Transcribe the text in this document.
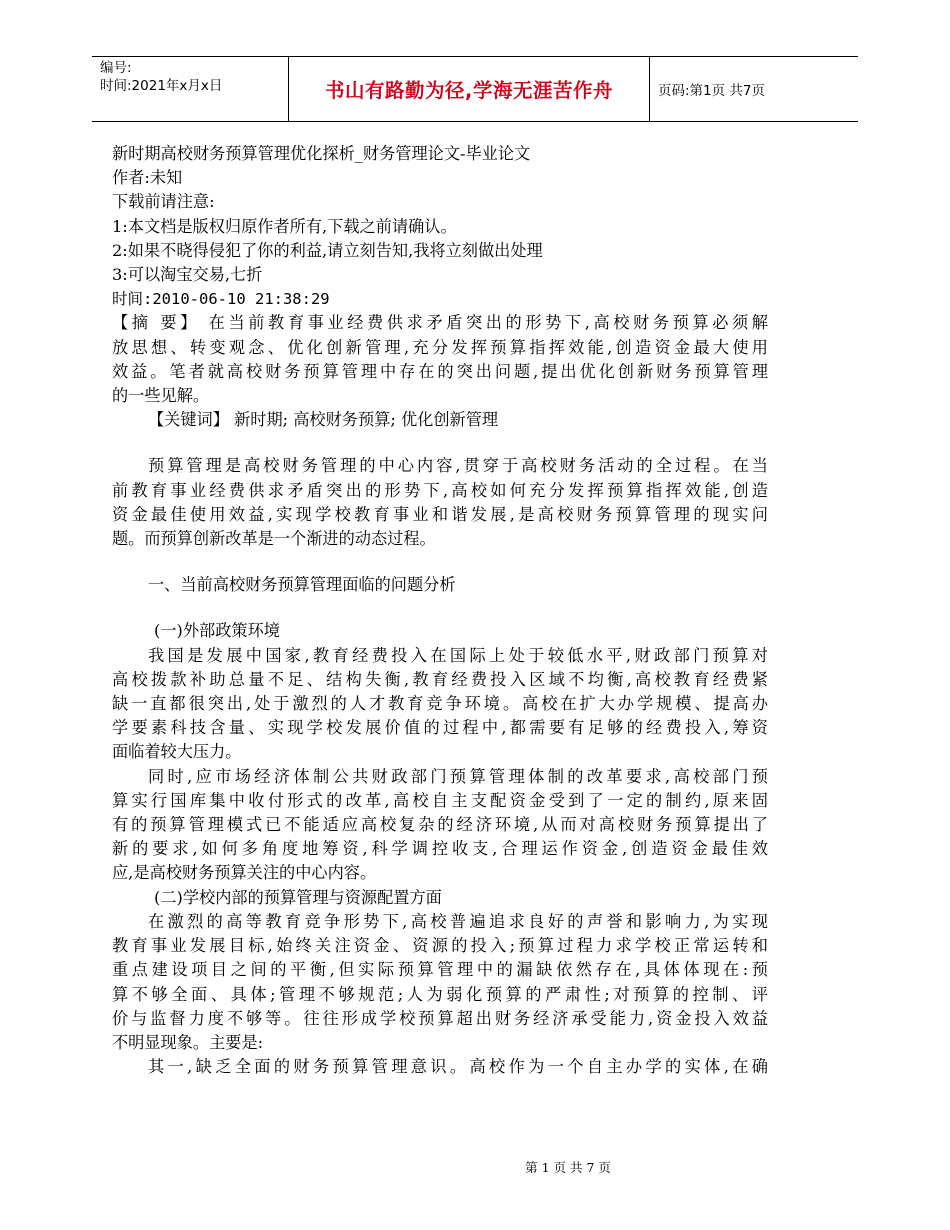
编号:
时间:2021年x月x日	书山有路勤为径,学海无涯苦作舟	页码:第1页 共7页
新时期高校财务预算管理优化探析_财务管理论文-毕业论文
作者:未知
下载前请注意:
1:本文档是版权归原作者所有,下载之前请确认。
2:如果不晓得侵犯了你的利益,请立刻告知,我将立刻做出处理
3:可以淘宝交易,七折
时间:2010-06-10 21:38:29
【摘 要】 在当前教育事业经费供求矛盾突出的形势下,高校财务预算必须解
放思想、转变观念、优化创新管理,充分发挥预算指挥效能,创造资金最大使用
效益。笔者就高校财务预算管理中存在的突出问题,提出优化创新财务预算管理
的一些见解。
【关键词】 新时期; 高校财务预算; 优化创新管理
预算管理是高校财务管理的中心内容,贯穿于高校财务活动的全过程。在当
前教育事业经费供求矛盾突出的形势下,高校如何充分发挥预算指挥效能,创造
资金最佳使用效益,实现学校教育事业和谐发展,是高校财务预算管理的现实问
题。而预算创新改革是一个渐进的动态过程。
一、当前高校财务预算管理面临的问题分析
(一)外部政策环境
我国是发展中国家,教育经费投入在国际上处于较低水平,财政部门预算对
高校拨款补助总量不足、结构失衡,教育经费投入区域不均衡,高校教育经费紧
缺一直都很突出,处于激烈的人才教育竞争环境。高校在扩大办学规模、提高办
学要素科技含量、实现学校发展价值的过程中,都需要有足够的经费投入,筹资
面临着较大压力。
同时,应市场经济体制公共财政部门预算管理体制的改革要求,高校部门预
算实行国库集中收付形式的改革,高校自主支配资金受到了一定的制约,原来固
有的预算管理模式已不能适应高校复杂的经济环境,从而对高校财务预算提出了
新的要求,如何多角度地筹资,科学调控收支,合理运作资金,创造资金最佳效
应,是高校财务预算关注的中心内容。
(二)学校内部的预算管理与资源配置方面
在激烈的高等教育竞争形势下,高校普遍追求良好的声誉和影响力,为实现
教育事业发展目标,始终关注资金、资源的投入;预算过程力求学校正常运转和
重点建设项目之间的平衡,但实际预算管理中的漏缺依然存在,具体体现在:预
算不够全面、具体;管理不够规范;人为弱化预算的严肃性;对预算的控制、评
价与监督力度不够等。往往形成学校预算超出财务经济承受能力,资金投入效益
不明显现象。主要是:
其一,缺乏全面的财务预算管理意识。高校作为一个自主办学的实体,在确
第 1 页 共 7 页
